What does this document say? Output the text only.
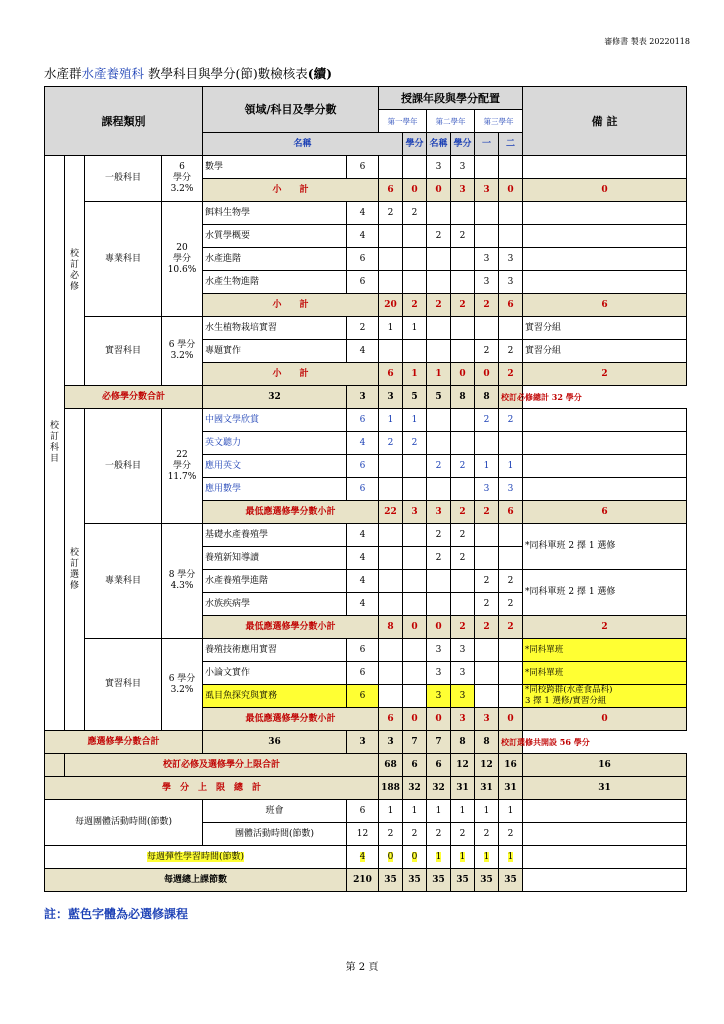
審修書 製表 20220118
水產群水產養殖科 教學科目與學分(節)數檢核表(續)
課程類別				領域/科目及學分數		授課年段與學分配置						備 註	
						第一學年		第二學年		第三學年			
				名稱			學分	名稱	學分	一	二				
校
訂
科
目	校
訂
必
修	一般科目	6
學分
3.2%	數學	6			3	3				
				小　　計		6	0	0	3	3	0	0	
		專業科目	20
學分
10.6%	餌料生物學	4	2	2						
				水質學概要	4			2	2				
				水產進階	6					3	3		
				水產生物進階	6					3	3		
				小　　計		20	2	2	2	2	6	6	
		實習科目	6 學分
3.2%	水生植物栽培實習	2	1	1					實習分組	
				專題實作	4					2	2	實習分組	
				小　　計		6	1	1	0	0	2	2	
	必修學分數合計			32	3	3	5	5	8	8	校訂必修總計 32 學分		
	校
訂
選
修	一般科目	22
學分
11.7%	中國文學欣賞	6	1	1			2	2		
				英文聽力	4	2	2						
				應用英文	6			2	2	1	1		
				應用數學	6					3	3		
				最低應選修學分數小計		22	3	3	2	2	6	6	
		專業科目	8 學分
4.3%	基礎水產養殖學	4			2	2			*同科單班 2 擇 1 選修	
				養殖新知導讀	4			2	2				
				水產養殖學進階	4					2	2	*同科單班 2 擇 1 選修	
				水族疾病學	4					2	2		
				最低應選修學分數小計		8	0	0	2	2	2	2	
		實習科目	6 學分
3.2%	養殖技術應用實習	6			3	3			*同科單班	
				小論文實作	6			3	3			*同科單班	
				虱目魚探究與實務	6			3	3			*同校跨群(水產食品科)
3 擇 1 選修/實習分組	
				最低應選修學分數小計		6	0	0	3	3	0	0	
應選修學分數合計				36	3	3	7	7	8	8	校訂選修共開設 56 學分		
	校訂必修及選修學分上限合計					68	6	6	12	12	16	16	
學　分　上　限　總　計						188	32	32	31	31	31	31	
每週團體活動時間(節數)				班會	6	1	1	1	1	1	1		
				團體活動時間(節數)	12	2	2	2	2	2	2		
每週彈性學習時間(節數)					4	0	0	1	1	1	1		
每週總上課節數					210	35	35	35	35	35	35		
註：藍色字體為必選修課程
第 2 頁
